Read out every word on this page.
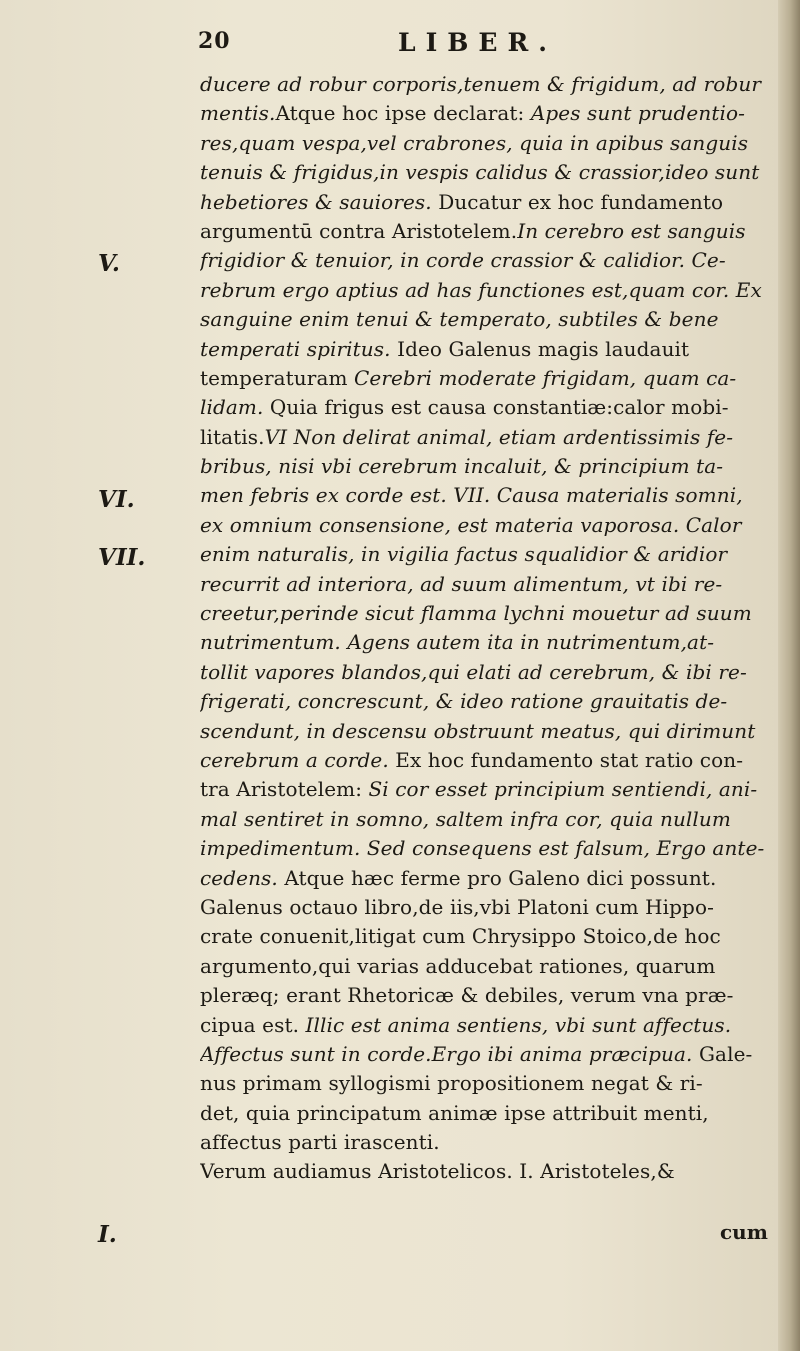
20	LIBER.
V.
VI.
VII.
I.
ducere ad robur corporis,tenuem & frigidum, ad robur
mentis.Atque hoc ipse declarat: Apes sunt prudentio-
res,quam vespa,vel crabrones, quia in apibus sanguis
tenuis & frigidus,in vespis calidus & crassior,ideo sunt
hebetiores & sauiores. Ducatur ex hoc fundamento
argumentū contra Aristotelem.In cerebro est sanguis
frigidior & tenuior, in corde crassior & calidior. Ce-
rebrum ergo aptius ad has functiones est,quam cor. Ex
sanguine enim tenui & temperato, subtiles & bene
temperati spiritus. Ideo Galenus magis laudauit
temperaturam Cerebri moderate frigidam, quam ca-
lidam. Quia frigus est causa constantiæ:calor mobi-
litatis.VI Non delirat animal, etiam ardentissimis fe-
bribus, nisi vbi cerebrum incaluit, & principium ta-
men febris ex corde est. VII. Causa materialis somni,
ex omnium consensione, est materia vaporosa. Calor
enim naturalis, in vigilia factus squalidior & aridior
recurrit ad interiora, ad suum alimentum, vt ibi re-
creetur,perinde sicut flamma lychni mouetur ad suum
nutrimentum. Agens autem ita in nutrimentum,at-
tollit vapores blandos,qui elati ad cerebrum, & ibi re-
frigerati, concrescunt, & ideo ratione grauitatis de-
scendunt, in descensu obstruunt meatus, qui dirimunt
cerebrum a corde. Ex hoc fundamento stat ratio con-
tra Aristotelem: Si cor esset principium sentiendi, ani-
mal sentiret in somno, saltem infra cor, quia nullum
impedimentum. Sed consequens est falsum, Ergo ante-
cedens. Atque hæc ferme pro Galeno dici possunt.
Galenus octauo libro,de iis,vbi Platoni cum Hippo-
crate conuenit,litigat cum Chrysippo Stoico,de hoc
argumento,qui varias adducebat rationes, quarum
pleræq; erant Rhetoricæ & debiles, verum vna præ-
cipua est. Illic est anima sentiens, vbi sunt affectus.
Affectus sunt in corde.Ergo ibi anima præcipua. Gale-
nus primam syllogismi propositionem negat & ri-
det, quia principatum animæ ipse attribuit menti,
affectus parti irascenti.
Verum audiamus Aristotelicos. I. Aristoteles,&
cum
